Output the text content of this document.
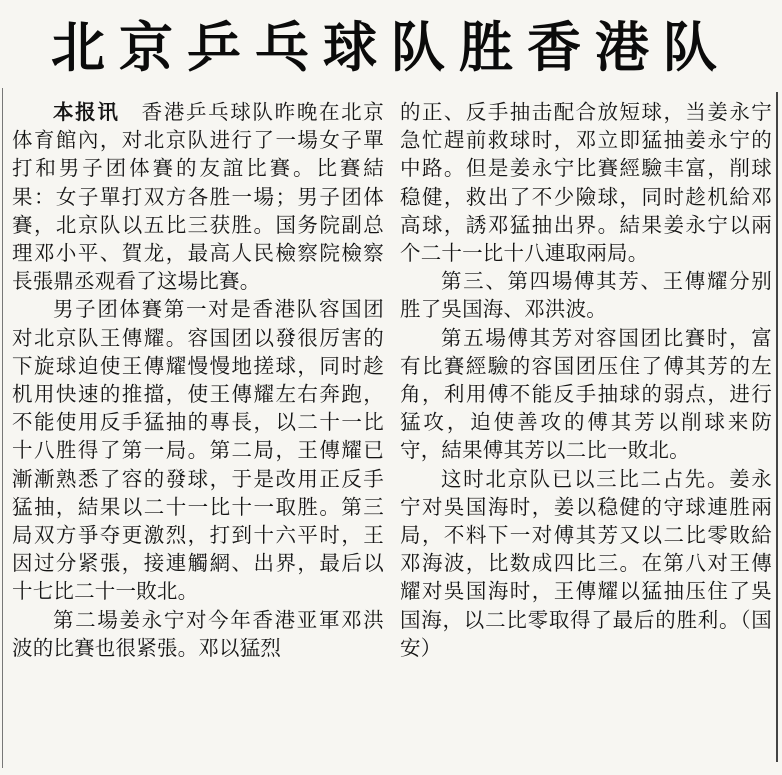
北京乒乓球队胜香港队

本报讯　 香港乒乓球队昨晚在北京体育館內，对北京队进行了一場女子單打和男子团体賽的友誼比賽。比賽結果：女子單打双方各胜一場；男子团体賽，北京队以五比三获胜。国务院副总理邓小平、賀龙，最高人民檢察院檢察長張鼎丞观看了这場比賽。

男子团体賽第一对是香港队容国团对北京队王傳耀。容国团以發很厉害的下旋球迫使王傳耀慢慢地搓球，同时趁机用快速的推擋，使王傳耀左右奔跑，不能使用反手猛抽的專長，以二十一比十八胜得了第一局。第二局，王傳耀已漸漸熟悉了容的發球，于是改用正反手猛抽，結果以二十一比十一取胜。第三局双方爭夺更激烈，打到十六平时，王因过分紧張，接連觸網、出界，最后以十七比二十一敗北。

第二場姜永宁对今年香港亚軍邓洪波的比賽也很紧張。邓以猛烈

的正、反手抽击配合放短球，当姜永宁急忙趕前救球时，邓立即猛抽姜永宁的中路。但是姜永宁比賽經驗丰富，削球稳健，救出了不少險球，同时趁机給邓高球，誘邓猛抽出界。結果姜永宁以兩个二十一比十八連取兩局。

第三、第四場傅其芳、王傳耀分别胜了吳国海、邓洪波。

第五場傅其芳对容国团比賽时，富有比賽經驗的容国团压住了傅其芳的左角，利用傅不能反手抽球的弱点，进行猛攻，迫使善攻的傅其芳以削球来防守，結果傅其芳以二比一敗北。

这时北京队已以三比二占先。姜永宁对吳国海时，姜以稳健的守球連胜兩局，不料下一对傅其芳又以二比零敗給邓海波，比数成四比三。在第八对王傳耀对吳国海时，王傳耀以猛抽压住了吳国海，以二比零取得了最后的胜利。（国安）
